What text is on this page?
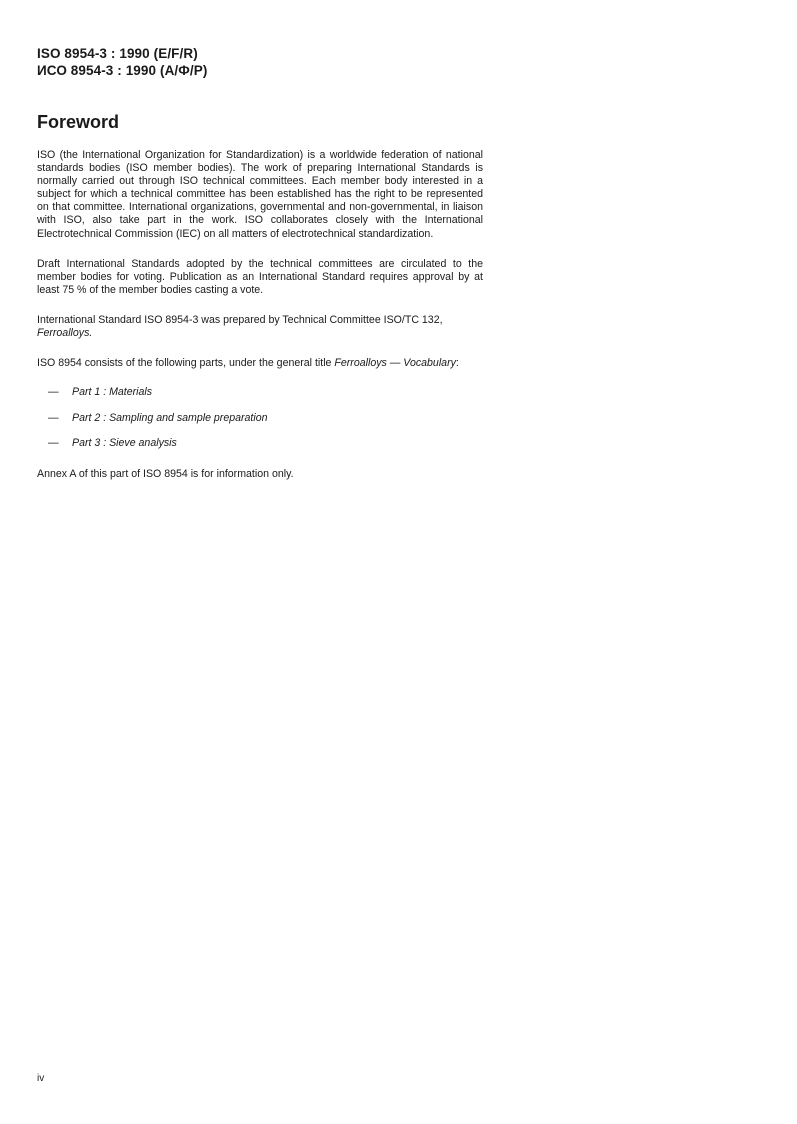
ISO 8954-3 : 1990 (E/F/R)
ИСО 8954-3 : 1990 (А/Ф/Р)
Foreword

ISO (the International Organization for Standardization) is a worldwide federation of national standards bodies (ISO member bodies). The work of preparing International Standards is normally carried out through ISO technical committees. Each member body interested in a subject for which a technical committee has been established has the right to be represented on that committee. International organizations, governmental and non-governmental, in liaison with ISO, also take part in the work. ISO collaborates closely with the International Electrotechnical Commission (IEC) on all matters of electrotechnical standardization.

Draft International Standards adopted by the technical committees are circulated to the member bodies for voting. Publication as an International Standard requires approval by at least 75 % of the member bodies casting a vote.

International Standard ISO 8954-3 was prepared by Technical Committee ISO/TC 132,
Ferroalloys.

ISO 8954 consists of the following parts, under the general title Ferroalloys — Vocabulary:

—	Part 1 : Materials
—	Part 2 : Sampling and sample preparation
—	Part 3 : Sieve analysis

Annex A of this part of ISO 8954 is for information only.

iv
